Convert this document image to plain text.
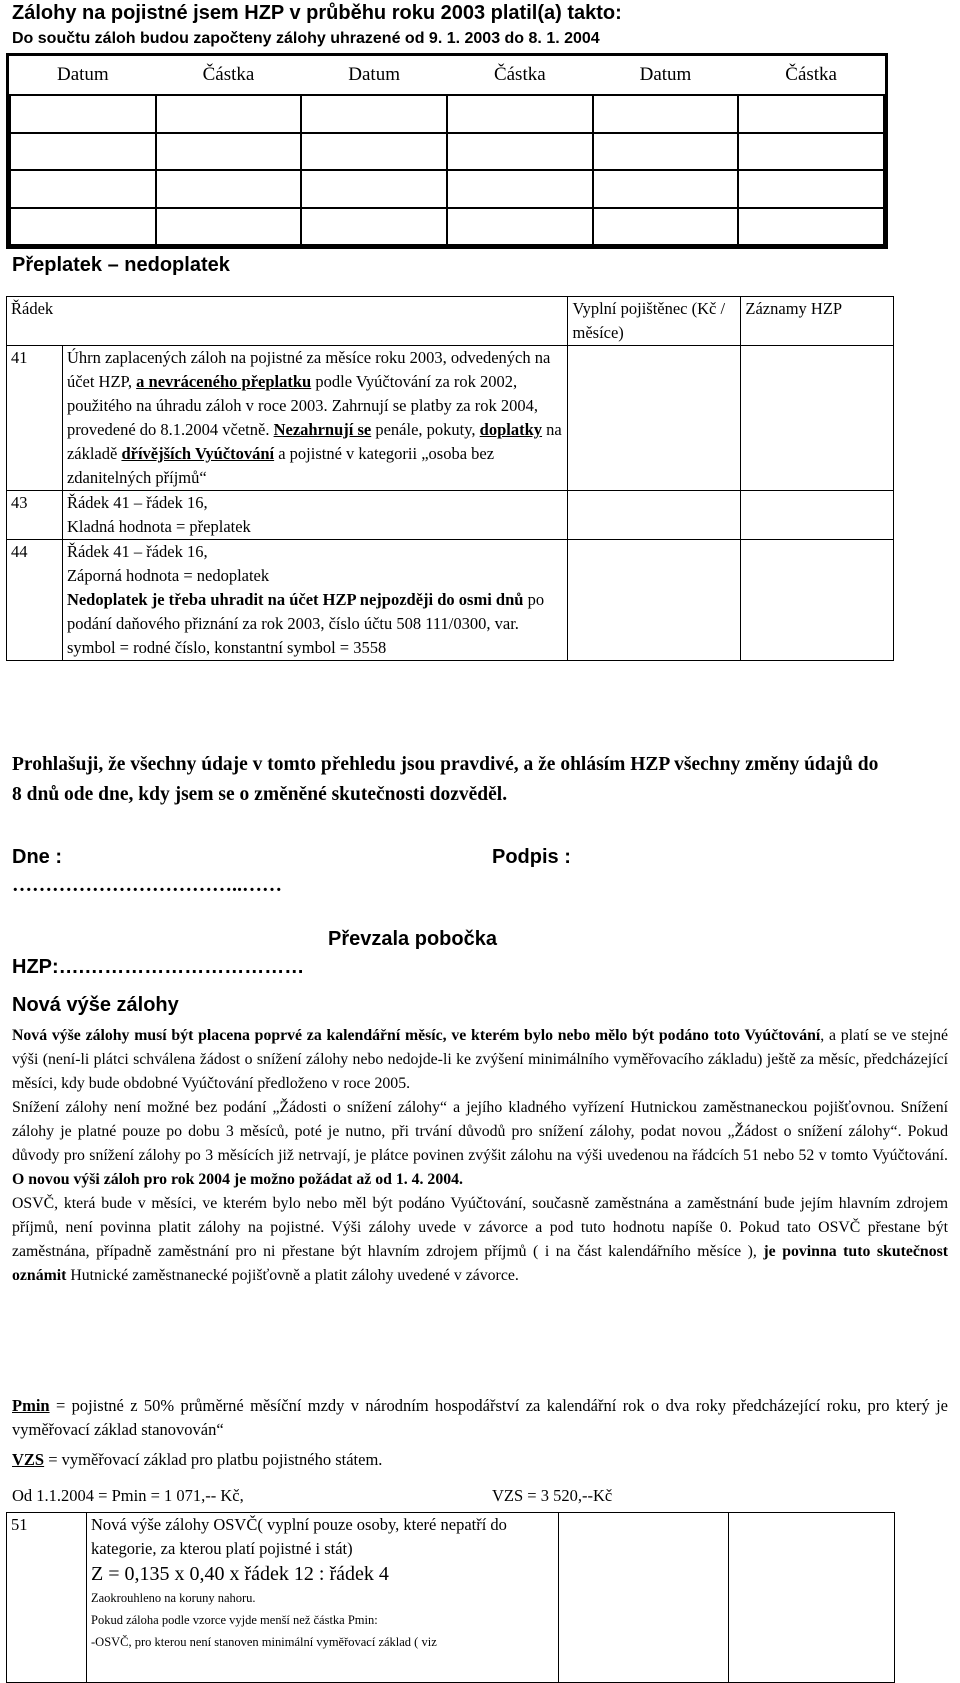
Zálohy na pojistné jsem HZP v průběhu roku 2003 platil(a) takto:
Do součtu záloh budou započteny zálohy uhrazené od 9. 1. 2003 do 8. 1. 2004
Datum	Částka	Datum	Částka	Datum	Částka

Přeplatek – nedoplatek
Řádek		Vyplní pojištěnec (Kč / měsíce)	Záznamy HZP
41	Úhrn zaplacených záloh na pojistné za měsíce roku 2003, odvedených na účet HZP, a nevráceného přeplatku podle Vyúčtování za rok 2002, použitého na úhradu záloh v roce 2003. Zahrnují se platby za rok 2004, provedené do 8.1.2004 včetně. Nezahrnují se penále, pokuty, doplatky na základě dřívějších Vyúčtování a pojistné v kategorii „osoba bez zdanitelných příjmů“		
43	Řádek 41 – řádek 16,
Kladná hodnota = přeplatek		

44	Řádek 41 – řádek 16,
Záporná hodnota = nedoplatek
Nedoplatek je třeba uhradit na účet HZP nejpozději do osmi dnů po podání daňového přiznání za rok 2003, číslo účtu 508 111/0300, var. symbol = rodné číslo, konstantní symbol = 3558		

Prohlašuji, že všechny údaje v tomto přehledu jsou pravdivé, a že ohlásím HZP všechny změny údajů do 8 dnů ode dne, kdy jsem se o změněné skutečnosti dozvěděl.
Dne :	Podpis :
……………………………..……
Převzala pobočka
HZP:….……………………………
Nová výše zálohy

Nová výše zálohy musí být placena poprvé za kalendářní měsíc, ve kterém bylo nebo mělo být podáno toto Vyúčtování, a platí se ve stejné výši (není-li plátci schválena žádost o snížení zálohy nebo nedojde-li ke zvýšení minimálního vyměřovacího základu) ještě za měsíc, předcházející měsíci, kdy bude obdobné Vyúčtování předloženo v roce 2005.

Snížení zálohy není možné bez podání „Žádosti o snížení zálohy“ a jejího kladného vyřízení Hutnickou zaměstnaneckou pojišťovnou. Snížení zálohy je platné pouze po dobu 3 měsíců, poté je nutno, při trvání důvodů pro snížení zálohy, podat novou „Žádost o snížení zálohy“. Pokud důvody pro snížení zálohy po 3 měsících již netrvají, je plátce povinen zvýšit zálohu na výši uvedenou na řádcích 51 nebo 52 v tomto Vyúčtování. O novou výši záloh pro rok 2004 je možno požádat až od 1. 4. 2004.

OSVČ, která bude v měsíci, ve kterém bylo nebo měl být podáno Vyúčtování, současně zaměstnána a zaměstnání bude jejím hlavním zdrojem příjmů, není povinna platit zálohy na pojistné. Výši zálohy uvede v závorce a pod tuto hodnotu napíše 0. Pokud tato OSVČ přestane být zaměstnána, případně zaměstnání pro ni přestane být hlavním zdrojem příjmů ( i na část kalendářního měsíce ), je povinna tuto skutečnost oznámit Hutnické zaměstnanecké pojišťovně a platit zálohy uvedené v závorce.

Pmin = pojistné z 50% průměrné měsíční mzdy v národním hospodářství za kalendářní rok o dva roky předcházející roku, pro který je vyměřovací základ stanovován“
VZS = vyměřovací základ pro platbu pojistného státem.
Od 1.1.2004 = Pmin = 1 071,-- Kč,	VZS = 3 520,--Kč
51	Nová výše zálohy OSVČ( vyplní pouze osoby, které nepatří do kategorie, za kterou platí pojistné i stát)
Z = 0,135 x 0,40 x řádek 12 : řádek 4
Zaokrouhleno na koruny nahoru.
Pokud záloha podle vzorce vyjde menší než částka Pmin:
-OSVČ, pro kterou není stanoven minimální vyměřovací základ ( viz
